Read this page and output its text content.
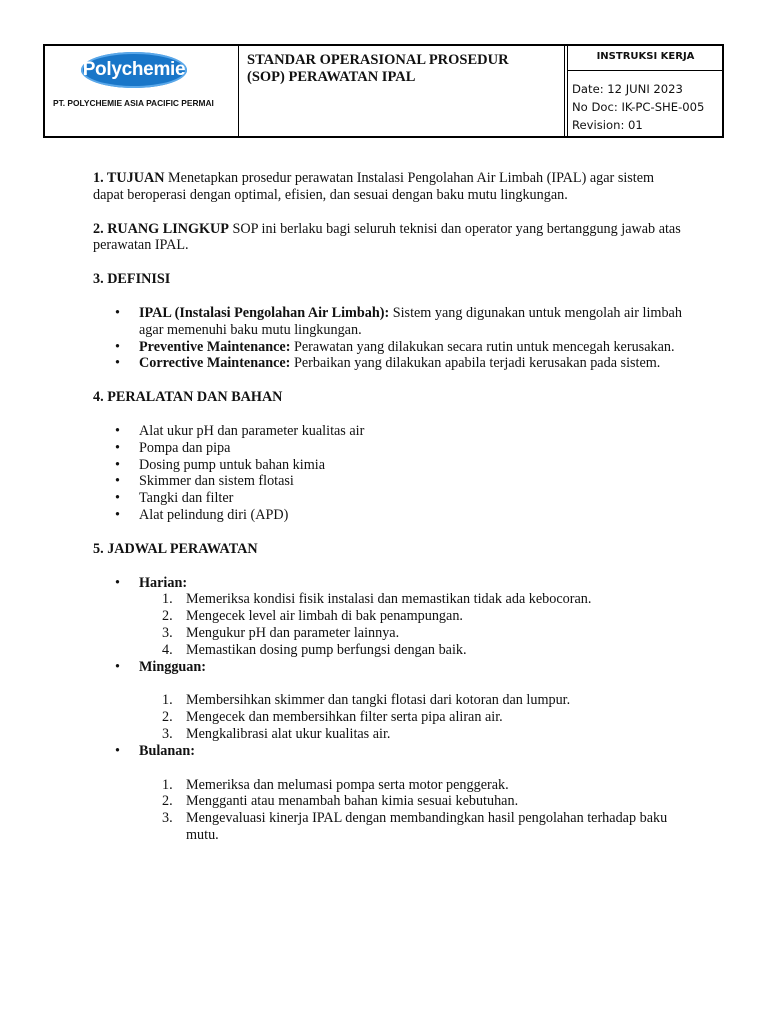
Polychemie
PT. POLYCHEMIE ASIA PACIFIC PERMAI
STANDAR OPERASIONAL PROSEDUR (SOP) PERAWATAN IPAL
INSTRUKSI KERJA
Date: 12 JUNI 2023
No Doc: IK-PC-SHE-005
Revision: 01

1. TUJUAN Menetapkan prosedur perawatan Instalasi Pengolahan Air Limbah (IPAL) agar sistem dapat beroperasi dengan optimal, efisien, dan sesuai dengan baku mutu lingkungan.

2. RUANG LINGKUP SOP ini berlaku bagi seluruh teknisi dan operator yang bertanggung jawab atas perawatan IPAL.

3. DEFINISI
• IPAL (Instalasi Pengolahan Air Limbah): Sistem yang digunakan untuk mengolah air limbah agar memenuhi baku mutu lingkungan.
• Preventive Maintenance: Perawatan yang dilakukan secara rutin untuk mencegah kerusakan.
• Corrective Maintenance: Perbaikan yang dilakukan apabila terjadi kerusakan pada sistem.
4. PERALATAN DAN BAHAN
• Alat ukur pH dan parameter kualitas air
• Pompa dan pipa
• Dosing pump untuk bahan kimia
• Skimmer dan sistem flotasi
• Tangki dan filter
• Alat pelindung diri (APD)
5. JADWAL PERAWATAN
• Harian:
1. Memeriksa kondisi fisik instalasi dan memastikan tidak ada kebocoran.
2. Mengecek level air limbah di bak penampungan.
3. Mengukur pH dan parameter lainnya.
4. Memastikan dosing pump berfungsi dengan baik.
• Mingguan:
1. Membersihkan skimmer dan tangki flotasi dari kotoran dan lumpur.
2. Mengecek dan membersihkan filter serta pipa aliran air.
3. Mengkalibrasi alat ukur kualitas air.
• Bulanan:
1. Memeriksa dan melumasi pompa serta motor penggerak.
2. Mengganti atau menambah bahan kimia sesuai kebutuhan.
3. Mengevaluasi kinerja IPAL dengan membandingkan hasil pengolahan terhadap baku mutu.
